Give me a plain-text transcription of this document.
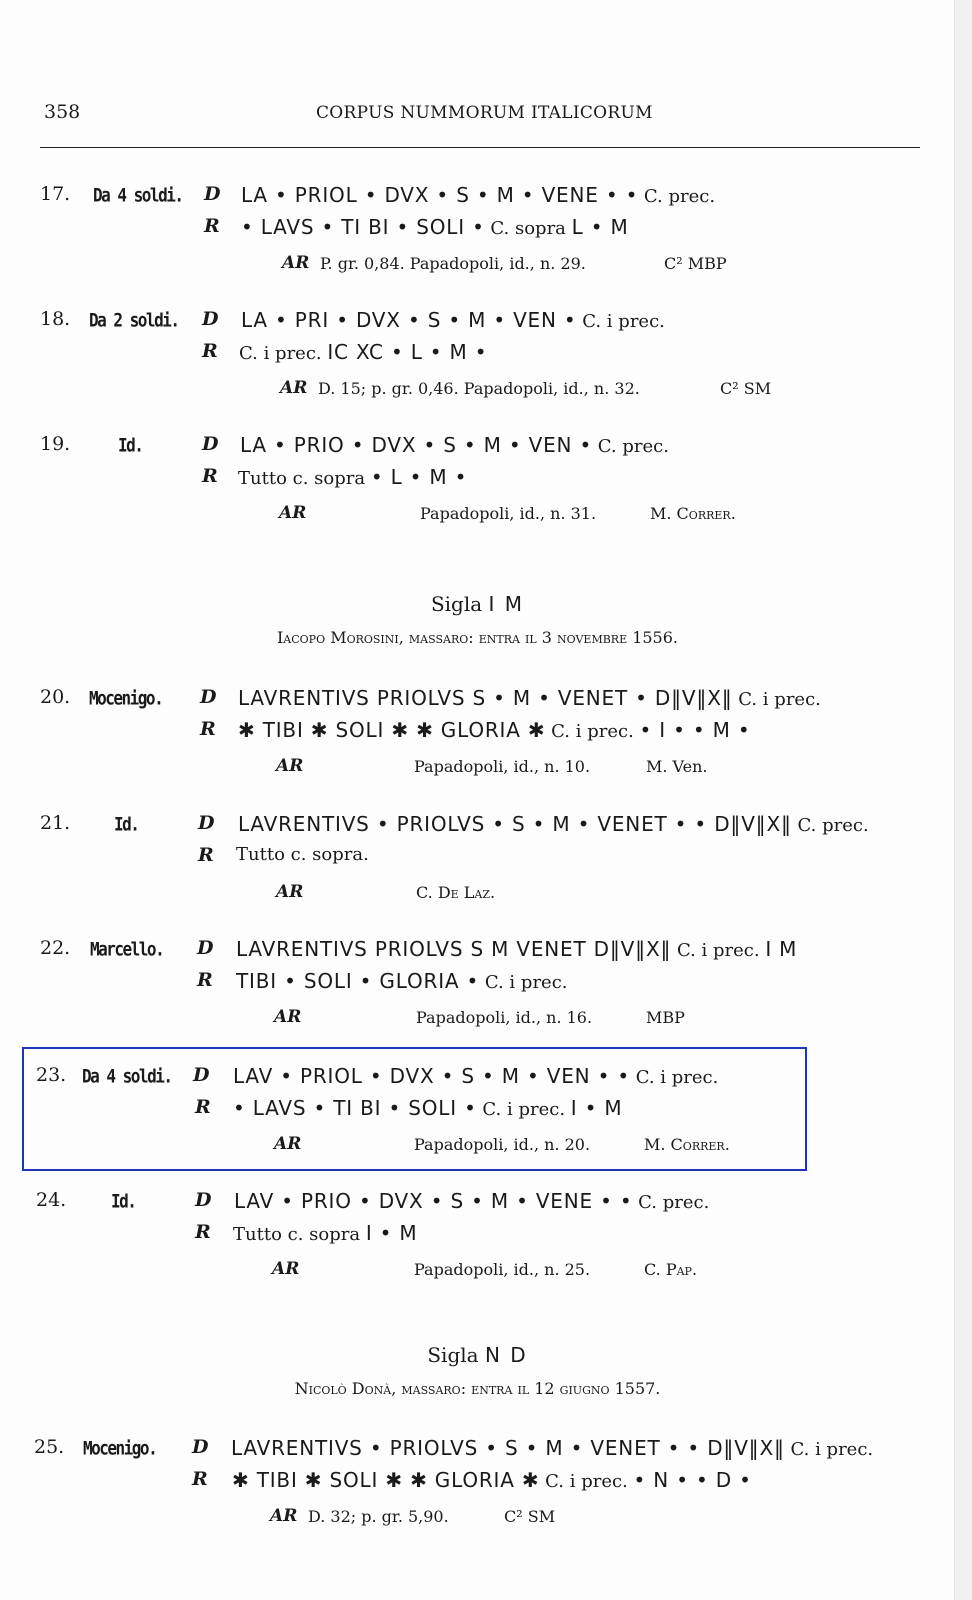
358	CORPUS NUMMORUM ITALICORUM
17. Da 4 soldi. D LA • PRIOL • DVX • S • M • VENE • • C. prec.
R • LAVS • TI BI • SOLI • C. sopra L • M
AR P. gr. 0,84. Papadopoli, id., n. 29.	C² MBP
18. Da 2 soldi. D LA • PRI • DVX • S • M • VEN • C. i prec.
R C. i prec. IC XC • L • M •
AR D. 15; p. gr. 0,46. Papadopoli, id., n. 32.	C² SM
19.	Id.	D LA • PRIO • DVX • S • M • VEN • C. prec.
R Tutto c. sopra • L • M •
AR	Papadopoli, id., n. 31.	M. Correr.
Sigla I M
Iacopo Morosini, massaro: entra il 3 novembre 1556.
20. Mocenigo. D LAVRENTIVS PRIOLVS S • M • VENET • D‖V‖X‖ C. i prec.
R ✱ TIBI ✱ SOLI ✱ ✱ GLORIA ✱ C. i prec. • I • • M •
AR	Papadopoli, id., n. 10.	M. Ven.
21.	Id.	D LAVRENTIVS • PRIOLVS • S • M • VENET • • D‖V‖X‖ C. prec.
R Tutto c. sopra.
AR	C. De Laz.
22. Marcello. D LAVRENTIVS PRIOLVS S M VENET D‖V‖X‖ C. i prec. I M
R TIBI • SOLI • GLORIA • C. i prec.
AR	Papadopoli, id., n. 16.	MBP
23. Da 4 soldi. D LAV • PRIOL • DVX • S • M • VEN • • C. i prec.
R • LAVS • TI BI • SOLI • C. i prec. I • M
AR	Papadopoli, id., n. 20.	M. Correr.
24.	Id.	D LAV • PRIO • DVX • S • M • VENE • • C. prec.
R Tutto c. sopra I • M
AR	Papadopoli, id., n. 25.	C. Pap.
Sigla N D
Nicolò Donà, massaro: entra il 12 giugno 1557.
25. Mocenigo. D LAVRENTIVS • PRIOLVS • S • M • VENET • • D‖V‖X‖ C. i prec.
R ✱ TIBI ✱ SOLI ✱ ✱ GLORIA ✱ C. i prec. • N • • D •
AR D. 32; p. gr. 5,90.	C² SM
